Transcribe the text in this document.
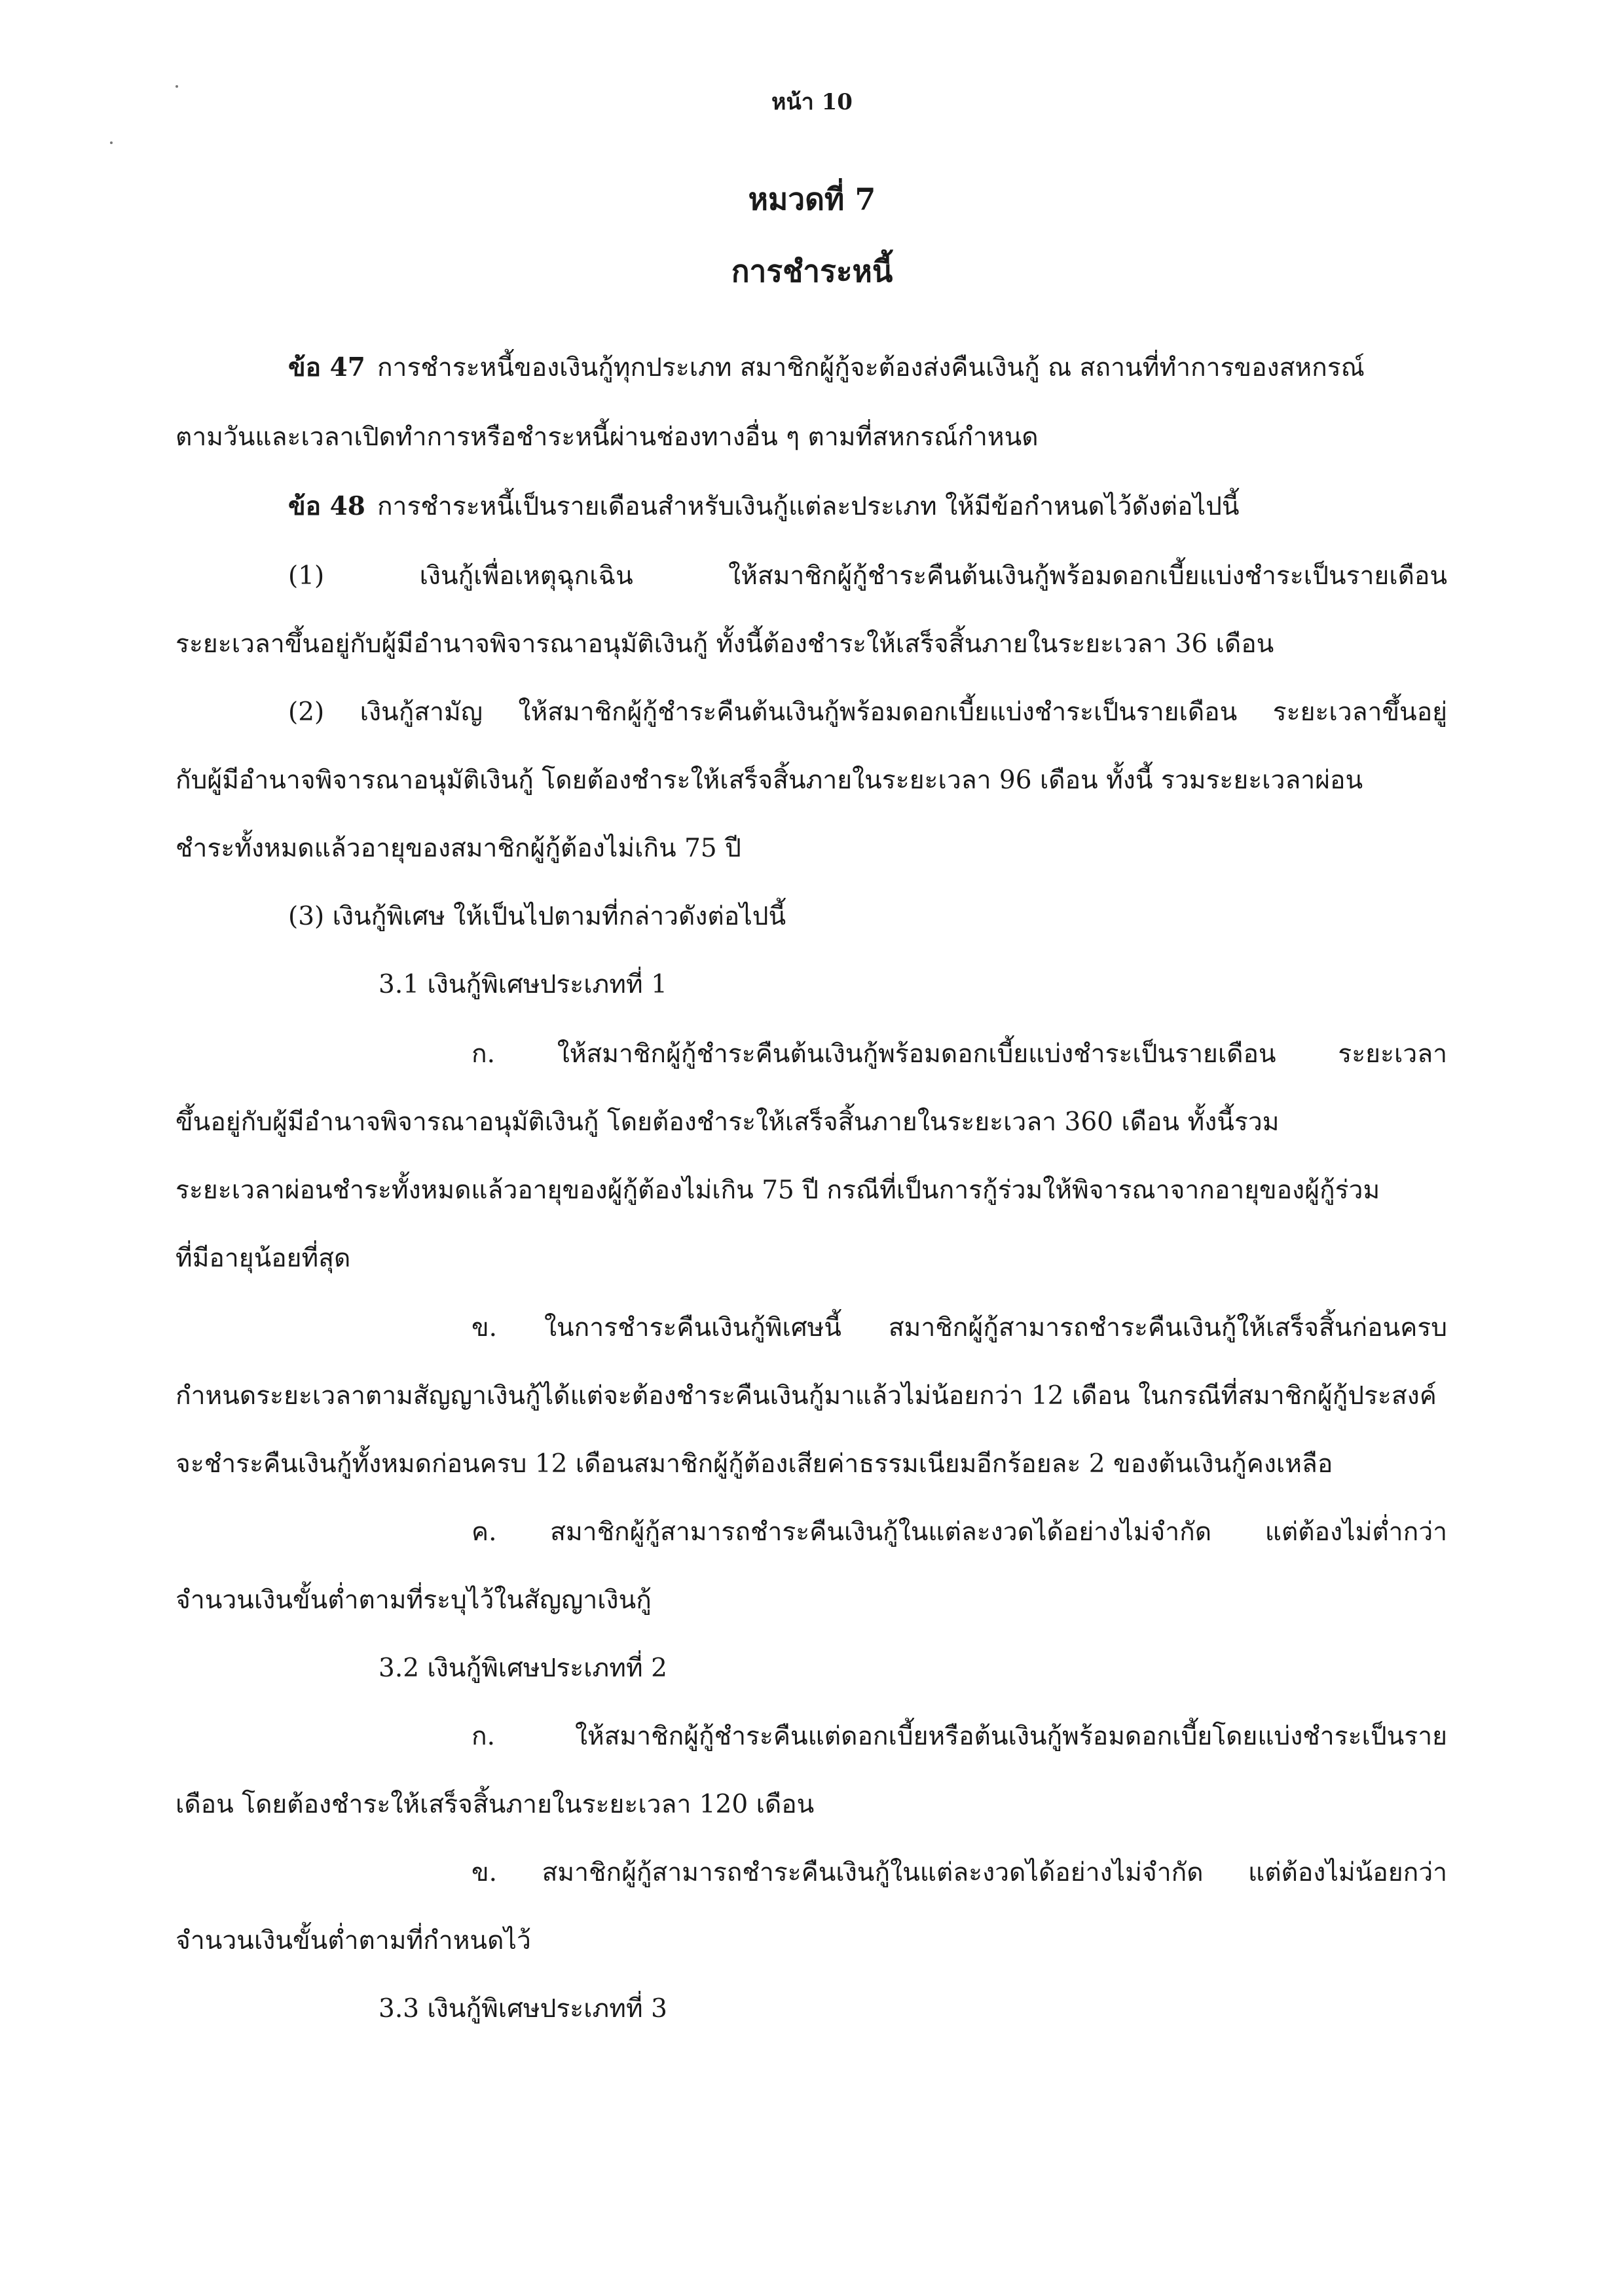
หน้า 10
หมวดที่ 7
การชำระหนี้
ข้อ 47 การชำระหนี้ของเงินกู้ทุกประเภท สมาชิกผู้กู้จะต้องส่งคืนเงินกู้ ณ สถานที่ทำการของสหกรณ์
ตามวันและเวลาเปิดทำการหรือชำระหนี้ผ่านช่องทางอื่น ๆ ตามที่สหกรณ์กำหนด
ข้อ 48 การชำระหนี้เป็นรายเดือนสำหรับเงินกู้แต่ละประเภท ให้มีข้อกำหนดไว้ดังต่อไปนี้
(1) เงินกู้เพื่อเหตุฉุกเฉิน ให้สมาชิกผู้กู้ชำระคืนต้นเงินกู้พร้อมดอกเบี้ยแบ่งชำระเป็นรายเดือน
ระยะเวลาขึ้นอยู่กับผู้มีอำนาจพิจารณาอนุมัติเงินกู้ ทั้งนี้ต้องชำระให้เสร็จสิ้นภายในระยะเวลา 36 เดือน
(2) เงินกู้สามัญ ให้สมาชิกผู้กู้ชำระคืนต้นเงินกู้พร้อมดอกเบี้ยแบ่งชำระเป็นรายเดือน ระยะเวลาขึ้นอยู่
กับผู้มีอำนาจพิจารณาอนุมัติเงินกู้ โดยต้องชำระให้เสร็จสิ้นภายในระยะเวลา 96 เดือน ทั้งนี้ รวมระยะเวลาผ่อน
ชำระทั้งหมดแล้วอายุของสมาชิกผู้กู้ต้องไม่เกิน 75 ปี
(3) เงินกู้พิเศษ ให้เป็นไปตามที่กล่าวดังต่อไปนี้
3.1 เงินกู้พิเศษประเภทที่ 1
ก. ให้สมาชิกผู้กู้ชำระคืนต้นเงินกู้พร้อมดอกเบี้ยแบ่งชำระเป็นรายเดือน ระยะเวลา
ขึ้นอยู่กับผู้มีอำนาจพิจารณาอนุมัติเงินกู้ โดยต้องชำระให้เสร็จสิ้นภายในระยะเวลา 360 เดือน ทั้งนี้รวม
ระยะเวลาผ่อนชำระทั้งหมดแล้วอายุของผู้กู้ต้องไม่เกิน 75 ปี กรณีที่เป็นการกู้ร่วมให้พิจารณาจากอายุของผู้กู้ร่วม
ที่มีอายุน้อยที่สุด
ข. ในการชำระคืนเงินกู้พิเศษนี้ สมาชิกผู้กู้สามารถชำระคืนเงินกู้ให้เสร็จสิ้นก่อนครบ
กำหนดระยะเวลาตามสัญญาเงินกู้ได้แต่จะต้องชำระคืนเงินกู้มาแล้วไม่น้อยกว่า 12 เดือน ในกรณีที่สมาชิกผู้กู้ประสงค์
จะชำระคืนเงินกู้ทั้งหมดก่อนครบ 12 เดือนสมาชิกผู้กู้ต้องเสียค่าธรรมเนียมอีกร้อยละ 2 ของต้นเงินกู้คงเหลือ
ค. สมาชิกผู้กู้สามารถชำระคืนเงินกู้ในแต่ละงวดได้อย่างไม่จำกัด แต่ต้องไม่ต่ำกว่า
จำนวนเงินขั้นต่ำตามที่ระบุไว้ในสัญญาเงินกู้
3.2 เงินกู้พิเศษประเภทที่ 2
ก. ให้สมาชิกผู้กู้ชำระคืนแต่ดอกเบี้ยหรือต้นเงินกู้พร้อมดอกเบี้ยโดยแบ่งชำระเป็นราย
เดือน โดยต้องชำระให้เสร็จสิ้นภายในระยะเวลา 120 เดือน
ข. สมาชิกผู้กู้สามารถชำระคืนเงินกู้ในแต่ละงวดได้อย่างไม่จำกัด แต่ต้องไม่น้อยกว่า
จำนวนเงินขั้นต่ำตามที่กำหนดไว้
3.3 เงินกู้พิเศษประเภทที่ 3
